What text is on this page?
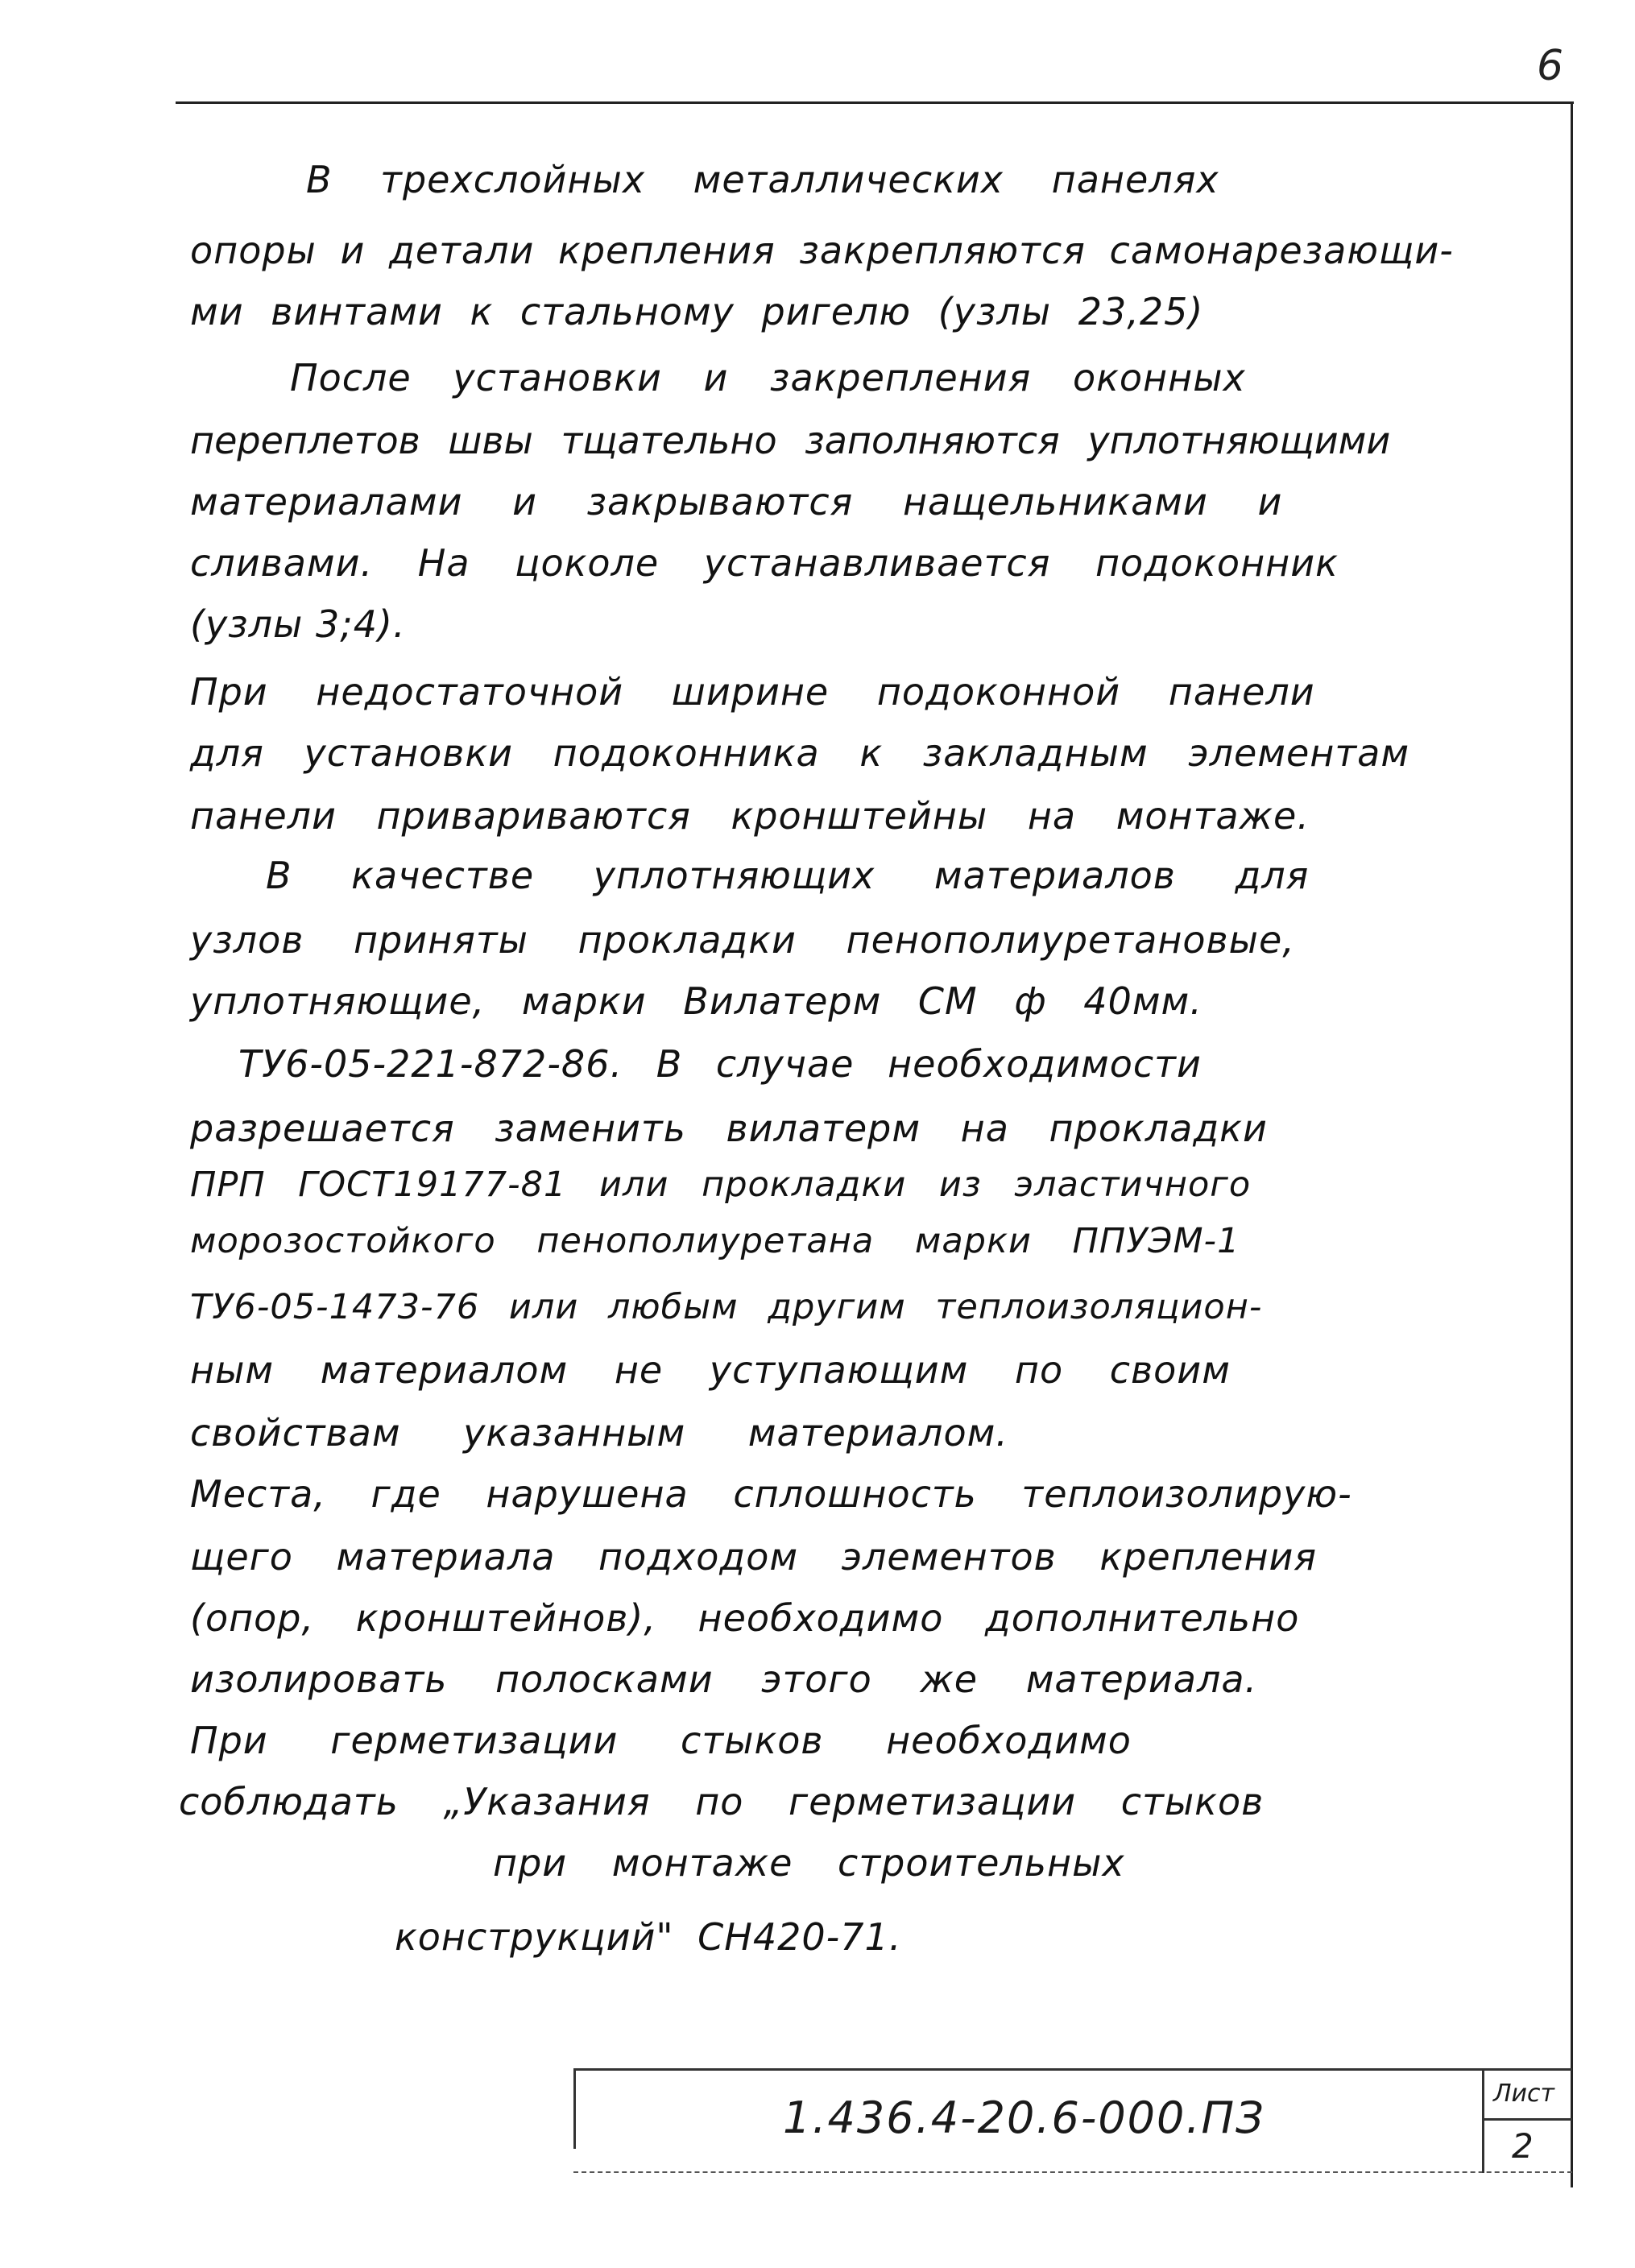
6
В трехслойных металлических панелях
опоры и детали крепления закрепляются самонарезающи-
ми винтами к стальному ригелю (узлы 23,25)
После установки и закрепления оконных
переплетов швы тщательно заполняются уплотняющими
материалами и закрываются нащельниками и
сливами. На цоколе устанавливается подоконник
(узлы 3;4).
При недостаточной ширине подоконной панели
для установки подоконника к закладным элементам
панели привариваются кронштейны на монтаже.
В качестве уплотняющих материалов для
узлов приняты прокладки пенополиуретановые,
уплотняющие, марки Вилатерм СМ ф 40мм.
ТУ6-05-221-872-86. В случае необходимости
разрешается заменить вилатерм на прокладки
ПРП ГОСТ19177-81 или прокладки из эластичного
морозостойкого пенополиуретана марки ППУЭМ-1
ТУ6-05-1473-76 или любым другим теплоизоляцион-
ным материалом не уступающим по своим
свойствам указанным материалом.
Места, где нарушена сплошность теплоизолирую-
щего материала подходом элементов крепления
(опор, кронштейнов), необходимо дополнительно
изолировать полосками этого же материала.
При герметизации стыков необходимо
соблюдать „Указания по герметизации стыков
при монтаже строительных
конструкций" СН420-71.
1.436.4-20.6-000.ПЗ	Лист
2
